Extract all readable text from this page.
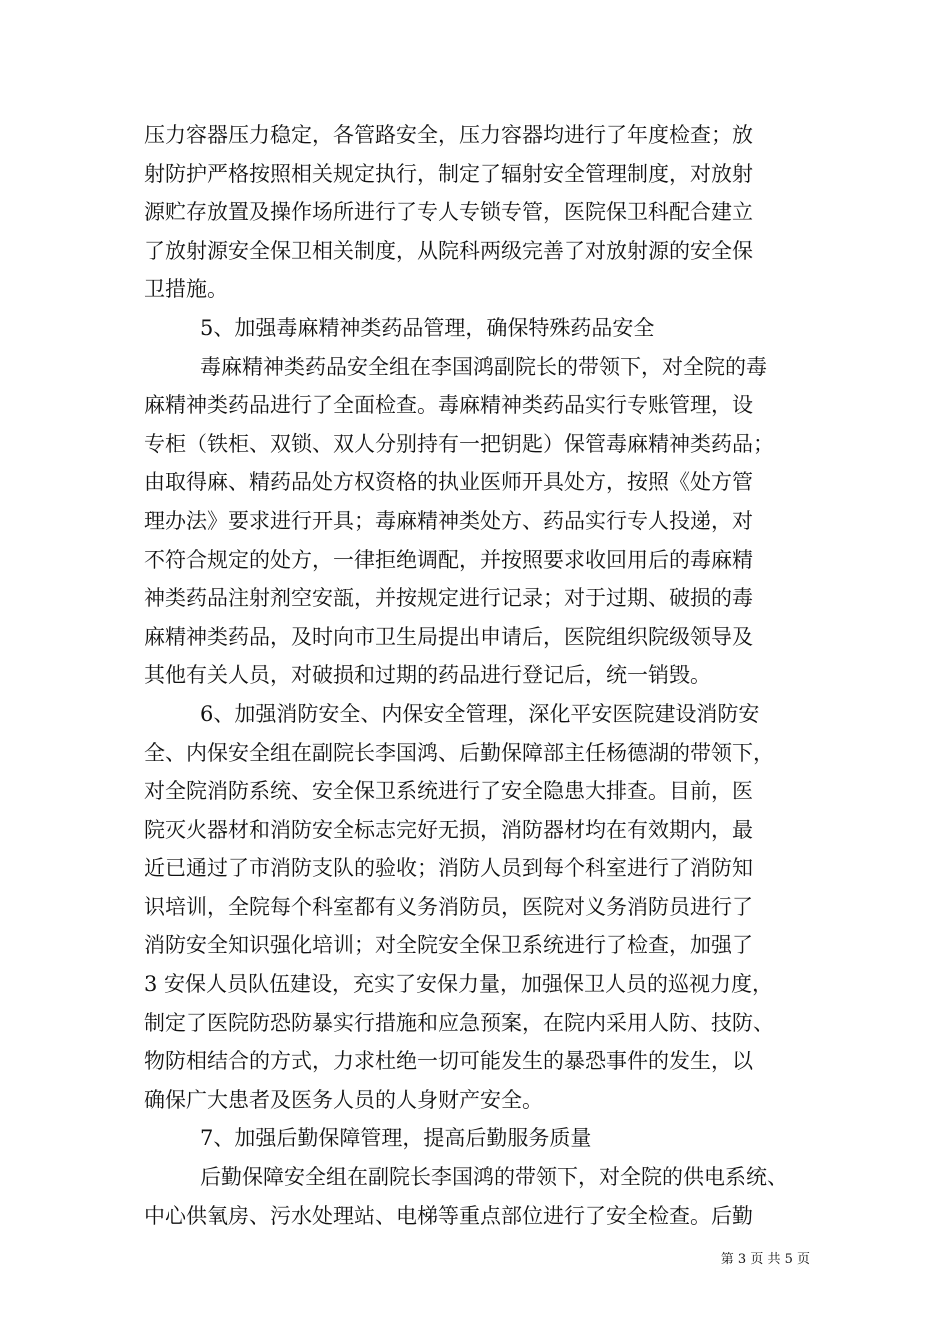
压力容器压力稳定，各管路安全，压力容器均进行了年度检查；放
射防护严格按照相关规定执行，制定了辐射安全管理制度，对放射
源贮存放置及操作场所进行了专人专锁专管，医院保卫科配合建立
了放射源安全保卫相关制度，从院科两级完善了对放射源的安全保
卫措施。
5、加强毒麻精神类药品管理，确保特殊药品安全
毒麻精神类药品安全组在李国鸿副院长的带领下，对全院的毒
麻精神类药品进行了全面检查。毒麻精神类药品实行专账管理，设
专柜（铁柜、双锁、双人分别持有一把钥匙）保管毒麻精神类药品；
由取得麻、精药品处方权资格的执业医师开具处方，按照《处方管
理办法》要求进行开具；毒麻精神类处方、药品实行专人投递，对
不符合规定的处方，一律拒绝调配，并按照要求收回用后的毒麻精
神类药品注射剂空安瓿，并按规定进行记录；对于过期、破损的毒
麻精神类药品，及时向市卫生局提出申请后，医院组织院级领导及
其他有关人员，对破损和过期的药品进行登记后，统一销毁。
6、加强消防安全、内保安全管理，深化平安医院建设消防安
全、内保安全组在副院长李国鸿、后勤保障部主任杨德湖的带领下，
对全院消防系统、安全保卫系统进行了安全隐患大排查。目前，医
院灭火器材和消防安全标志完好无损，消防器材均在有效期内，最
近已通过了市消防支队的验收；消防人员到每个科室进行了消防知
识培训，全院每个科室都有义务消防员，医院对义务消防员进行了
消防安全知识强化培训；对全院安全保卫系统进行了检查，加强了
3 安保人员队伍建设，充实了安保力量，加强保卫人员的巡视力度，
制定了医院防恐防暴实行措施和应急预案，在院内采用人防、技防、
物防相结合的方式，力求杜绝一切可能发生的暴恐事件的发生，以
确保广大患者及医务人员的人身财产安全。
7、加强后勤保障管理，提高后勤服务质量
后勤保障安全组在副院长李国鸿的带领下，对全院的供电系统、
中心供氧房、污水处理站、电梯等重点部位进行了安全检查。后勤
第 3 页 共 5 页
